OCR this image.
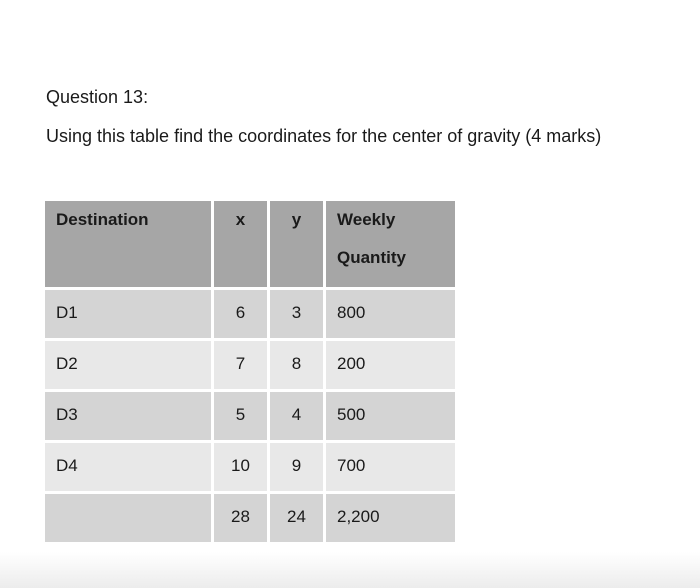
Question 13:

Using this table find the coordinates for the center of gravity (4 marks)

Destination	x	y	Weekly
Quantity

D1	6	3	800

D2	7	8	200

D3	5	4	500

D4	10	9	700

	28	24	2,200
